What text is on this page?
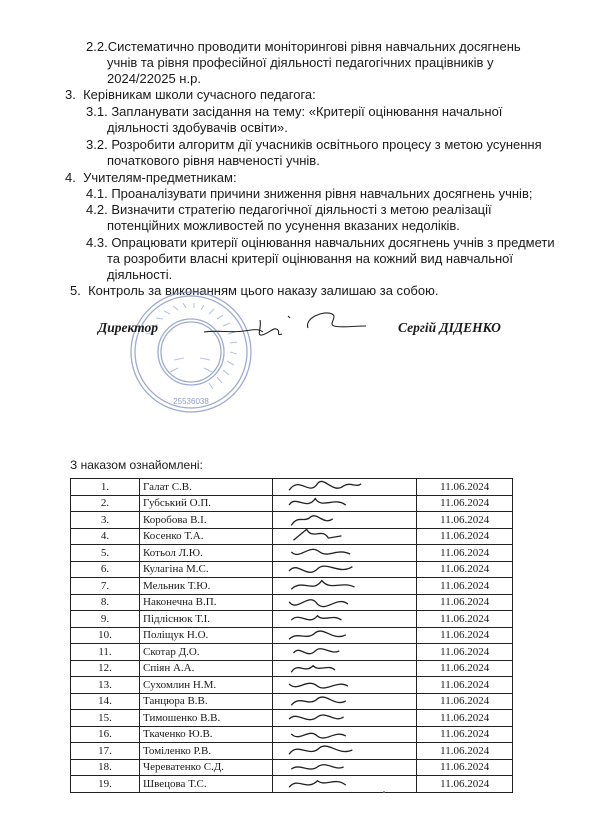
2.2.Систематично проводити моніторингові рівня навчальних досягнень
учнів та рівня професійної діяльності педагогічних працівників у
2024/22025 н.р.
3. Керівникам школи сучасного педагога:
3.1. Запланувати засідання на тему: «Критерії оцінювання начальної
діяльності здобувачів освіти».
3.2. Розробити алгоритм дії учасників освітнього процесу з метою усунення
початкового рівня навченості учнів.
4. Учителям-предметникам:
4.1. Проаналізувати причини зниження рівня навчальних досягнень учнів;
4.2. Визначити стратегію педагогічної діяльності з метою реалізації
потенційних можливостей по усунення вказаних недоліків.
4.3. Опрацювати критерії оцінювання навчальних досягнень учнів з предмети
та розробити власні критерії оцінювання на кожний вид навчальної
діяльності.
5. Контроль за виконанням цього наказу залишаю за собою.
25536038
Директор	Сергій ДІДЕНКО
З наказом ознайомлені:
1.	Галат С.В.		11.06.2024
2.	Губський О.П.		11.06.2024
3.	Коробова В.І.		11.06.2024
4.	Косенко Т.А.		11.06.2024
5.	Котьол Л.Ю.		11.06.2024
6.	Кулагіна М.С.		11.06.2024
7.	Мельник Т.Ю.		11.06.2024
8.	Наконечна В.П.		11.06.2024
9.	Підліснюк Т.І.		11.06.2024
10.	Поліщук Н.О.		11.06.2024
11.	Скотар Д.О.		11.06.2024
12.	Спіян А.А.		11.06.2024
13.	Сухомлин Н.М.		11.06.2024
14.	Танцюра В.В.		11.06.2024
15.	Тимошенко В.В.		11.06.2024
16.	Ткаченко Ю.В.		11.06.2024
17.	Томіленко Р.В.		11.06.2024
18.	Череватенко С.Д.		11.06.2024
19.	Швецова Т.С.		11.06.2024
